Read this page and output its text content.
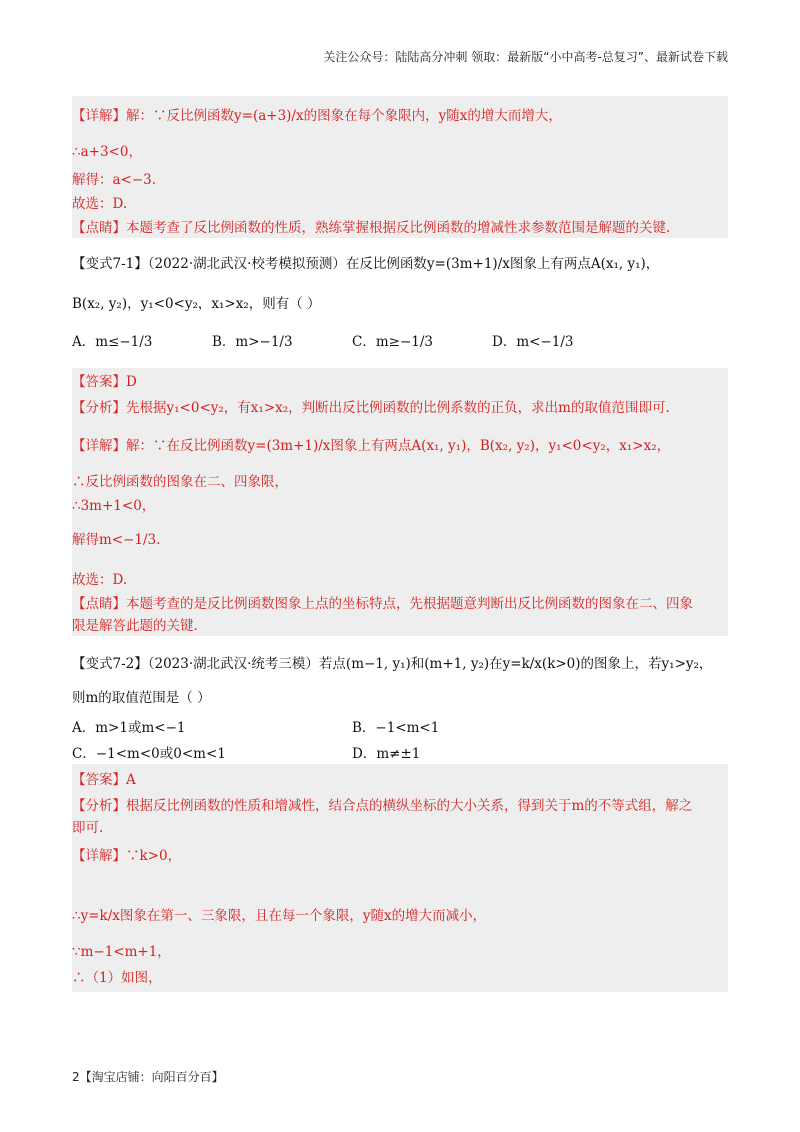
关注公众号：陆陆高分冲刺 领取：最新版“小中高考-总复习”、最新试卷下载
【详解】解：∵反比例函数y=(a+3)/x的图象在每个象限内，y随x的增大而增大，
∴a+3<0，
解得：a<−3.
故选：D.
【点睛】本题考查了反比例函数的性质，熟练掌握根据反比例函数的增减性求参数范围是解题的关键.
【变式7-1】（2022·湖北武汉·校考模拟预测）在反比例函数y=(3m+1)/x图象上有两点A(x₁, y₁)，
B(x₂, y₂)，y₁<0<y₂，x₁>x₂，则有（ ）
A．m≤−1/3	B．m>−1/3	C．m≥−1/3	D．m<−1/3
【答案】D
【分析】先根据y₁<0<y₂，有x₁>x₂，判断出反比例函数的比例系数的正负，求出m的取值范围即可.
【详解】解：∵在反比例函数y=(3m+1)/x图象上有两点A(x₁, y₁)，B(x₂, y₂)，y₁<0<y₂，x₁>x₂，
∴反比例函数的图象在二、四象限，
∴3m+1<0，
解得m<−1/3.
故选：D.
【点睛】本题考查的是反比例函数图象上点的坐标特点，先根据题意判断出反比例函数的图象在二、四象
限是解答此题的关键.
【变式7-2】（2023·湖北武汉·统考三模）若点(m−1, y₁)和(m+1, y₂)在y=k/x(k>0)的图象上，若y₁>y₂，
则m的取值范围是（ ）
A．m>1或m<−1	B．−1<m<1
C．−1<m<0或0<m<1	D．m≠±1
【答案】A
【分析】根据反比例函数的性质和增减性，结合点的横纵坐标的大小关系，得到关于m的不等式组，解之
即可.
【详解】∵k>0，
∴y=k/x图象在第一、三象限，且在每一个象限，y随x的增大而减小，
∵m−1<m+1，
∴（1）如图，
2【淘宝店铺：向阳百分百】
